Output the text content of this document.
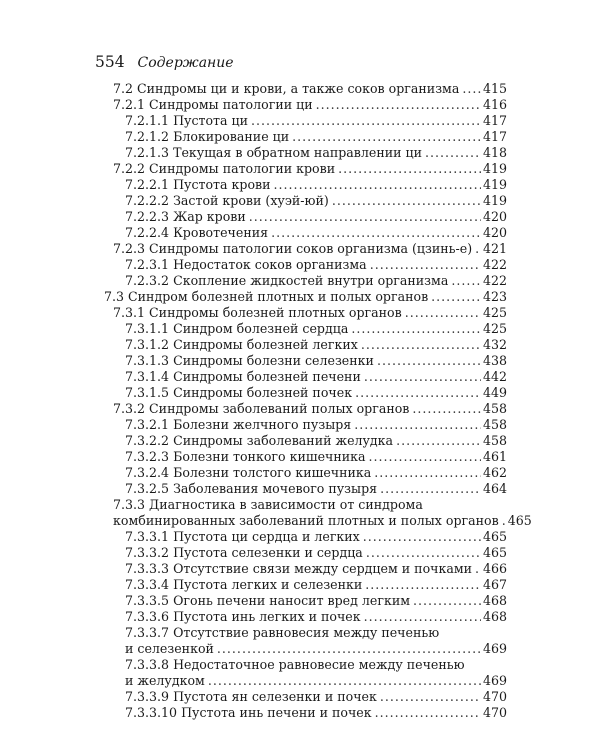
554 Содержание
7.2 Синдромы ци и крови, а также соков организма ..... 415
7.2.1 Синдромы патологии ци .....	416
7.2.1.1 Пустота ци .....	417
7.2.1.2 Блокирование ци .....	417
7.2.1.3 Текущая в обратном направлении ци .....	418
7.2.2 Синдромы патологии крови .....	419
7.2.2.1 Пустота крови .....	419
7.2.2.2 Застой крови (хуэй-юй) .....	419
7.2.2.3 Жар крови .....	420
7.2.2.4 Кровотечения .....	420
7.2.3 Синдромы патологии соков организма (цзинь-е) ..... 421
7.2.3.1 Недостаток соков организма .....	422
7.2.3.2 Скопление жидкостей внутри организма .....	422
7.3 Синдром болезней плотных и полых органов .....	423
7.3.1 Синдромы болезней плотных органов .....	425
7.3.1.1 Синдром болезней сердца .....	425
7.3.1.2 Синдромы болезней легких .....	432
7.3.1.3 Синдромы болезни селезенки .....	438
7.3.1.4 Синдромы болезней печени .....	442
7.3.1.5 Синдромы болезней почек .....	449
7.3.2 Синдромы заболеваний полых органов .....	458
7.3.2.1 Болезни желчного пузыря .....	458
7.3.2.2 Синдромы заболеваний желудка .....	458
7.3.2.3 Болезни тонкого кишечника .....	461
7.3.2.4 Болезни толстого кишечника .....	462
7.3.2.5 Заболевания мочевого пузыря .....	464
7.3.3 Диагностика в зависимости от синдрома
комбинированных заболеваний плотных и полых органов ..... 465
7.3.3.1 Пустота ци сердца и легких .....	465
7.3.3.2 Пустота селезенки и сердца .....	465
7.3.3.3 Отсутствие связи между сердцем и почками ..... 466
7.3.3.4 Пустота легких и селезенки .....	467
7.3.3.5 Огонь печени наносит вред легким .....	468
7.3.3.6 Пустота инь легких и почек .....	468
7.3.3.7 Отсутствие равновесия между печенью
и селезенкой .....	469
7.3.3.8 Недостаточное равновесие между печенью
и желудком .....	469
7.3.3.9 Пустота ян селезенки и почек .....	470
7.3.3.10 Пустота инь печени и почек .....	470
